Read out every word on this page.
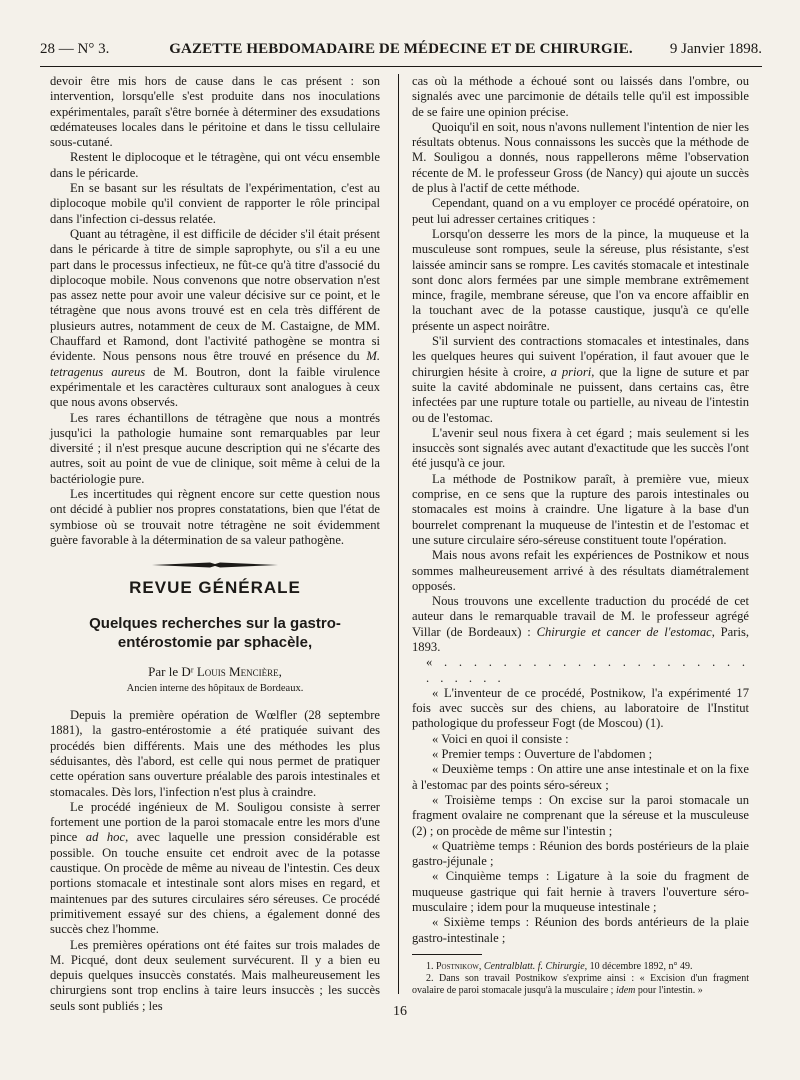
28 — N° 3.	GAZETTE HEBDOMADAIRE DE MÉDECINE ET DE CHIRURGIE.	9 Janvier 1898.

devoir être mis hors de cause dans le cas présent : son intervention, lorsqu'elle s'est produite dans nos inoculations expérimentales, paraît s'être bornée à déterminer des exsudations œdémateuses locales dans le péritoine et dans le tissu cellulaire sous-cutané.

Restent le diplocoque et le tétragène, qui ont vécu ensemble dans le péricarde.

En se basant sur les résultats de l'expérimentation, c'est au diplocoque mobile qu'il convient de rapporter le rôle principal dans l'infection ci-dessus relatée.

Quant au tétragène, il est difficile de décider s'il était présent dans le péricarde à titre de simple saprophyte, ou s'il a eu une part dans le processus infectieux, ne fût-ce qu'à titre d'associé du diplocoque mobile. Nous convenons que notre observation n'est pas assez nette pour avoir une valeur décisive sur ce point, et le tétragène que nous avons trouvé est en cela très différent de plusieurs autres, notamment de ceux de M. Castaigne, de MM. Chauffard et Ramond, dont l'activité pathogène se montra si évidente. Nous pensons nous être trouvé en présence du M. tetragenus aureus de M. Boutron, dont la faible virulence expérimentale et les caractères culturaux sont analogues à ceux que nous avons observés.

Les rares échantillons de tétragène que nous a montrés jusqu'ici la pathologie humaine sont remarquables par leur diversité ; il n'est presque aucune description qui ne s'écarte des autres, soit au point de vue de clinique, soit même à celui de la bactériologie pure.

Les incertitudes qui règnent encore sur cette question nous ont décidé à publier nos propres constatations, bien que l'état de symbiose où se trouvait notre tétragène ne soit évidemment guère favorable à la détermination de sa valeur pathogène.

REVUE GÉNÉRALE
Quelques recherches sur la gastro-entérostomie par sphacèle,
Par le Dʳ Louis Mencière,
Ancien interne des hôpitaux de Bordeaux.

Depuis la première opération de Wœlfler (28 septembre 1881), la gastro-entérostomie a été pratiquée suivant des procédés bien différents. Mais une des méthodes les plus séduisantes, dès l'abord, est celle qui nous permet de pratiquer cette opération sans ouverture préalable des parois intestinales et stomacales. Dès lors, l'infection n'est plus à craindre.

Le procédé ingénieux de M. Souligou consiste à serrer fortement une portion de la paroi stomacale entre les mors d'une pince ad hoc, avec laquelle une pression considérable est possible. On touche ensuite cet endroit avec de la potasse caustique. On procède de même au niveau de l'intestin. Ces deux portions stomacale et intestinale sont alors mises en regard, et maintenues par des sutures circulaires séro séreuses. Ce procédé primitivement essayé sur des chiens, a également donné des succès chez l'homme.

Les premières opérations ont été faites sur trois malades de M. Picqué, dont deux seulement survécurent. Il y a bien eu depuis quelques insuccès constatés. Mais malheureusement les chirurgiens sont trop enclins à taire leurs insuccès ; les succès seuls sont publiés ; les

cas où la méthode a échoué sont ou laissés dans l'ombre, ou signalés avec une parcimonie de détails telle qu'il est impossible de se faire une opinion précise.

Quoiqu'il en soit, nous n'avons nullement l'intention de nier les résultats obtenus. Nous connaissons les succès que la méthode de M. Souligou a donnés, nous rappellerons même l'observation récente de M. le professeur Gross (de Nancy) qui ajoute un succès de plus à l'actif de cette méthode.

Cependant, quand on a vu employer ce procédé opératoire, on peut lui adresser certaines critiques :

Lorsqu'on desserre les mors de la pince, la muqueuse et la musculeuse sont rompues, seule la séreuse, plus résistante, s'est laissée amincir sans se rompre. Les cavités stomacale et intestinale sont donc alors fermées par une simple membrane extrêmement mince, fragile, membrane séreuse, que l'on va encore affaiblir en la touchant avec de la potasse caustique, jusqu'à ce qu'elle présente un aspect noirâtre.

S'il survient des contractions stomacales et intestinales, dans les quelques heures qui suivent l'opération, il faut avouer que le chirurgien hésite à croire, a priori, que la ligne de suture et par suite la cavité abdominale ne puissent, dans certains cas, être infectées par une rupture totale ou partielle, au niveau de l'intestin ou de l'estomac.

L'avenir seul nous fixera à cet égard ; mais seulement si les insuccès sont signalés avec autant d'exactitude que les succès l'ont été jusqu'à ce jour.

La méthode de Postnikow paraît, à première vue, mieux comprise, en ce sens que la rupture des parois intestinales ou stomacales est moins à craindre. Une ligature à la base d'un bourrelet comprenant la muqueuse de l'intestin et de l'estomac et une suture circulaire séro-séreuse constituent toute l'opération.

Mais nous avons refait les expériences de Postnikow et nous sommes malheureusement arrivé à des résultats diamétralement opposés.

Nous trouvons une excellente traduction du procédé de cet auteur dans le remarquable travail de M. le professeur agrégé Villar (de Bordeaux) : Chirurgie et cancer de l'estomac, Paris, 1893.

« . . . . . . . . . . . . . . . . . . . . . . . . . . .

« L'inventeur de ce procédé, Postnikow, l'a expérimenté 17 fois avec succès sur des chiens, au laboratoire de l'Institut pathologique du professeur Fogt (de Moscou) (1).

« Voici en quoi il consiste :

« Premier temps : Ouverture de l'abdomen ;

« Deuxième temps : On attire une anse intestinale et on la fixe à l'estomac par des points séro-séreux ;

« Troisième temps : On excise sur la paroi stomacale un fragment ovalaire ne comprenant que la séreuse et la musculeuse (2) ; on procède de même sur l'intestin ;

« Quatrième temps : Réunion des bords postérieurs de la plaie gastro-jéjunale ;

« Cinquième temps : Ligature à la soie du fragment de muqueuse gastrique qui fait hernie à travers l'ouverture séro-musculaire ; idem pour la muqueuse intestinale ;

« Sixième temps : Réunion des bords antérieurs de la plaie gastro-intestinale ;

1. Postnikow, Centralblatt. f. Chirurgie, 10 décembre 1892, n° 49.

2. Dans son travail Postnikow s'exprime ainsi : « Excision d'un fragment ovalaire de paroi stomacale jusqu'à la musculaire ; idem pour l'intestin. »

16
